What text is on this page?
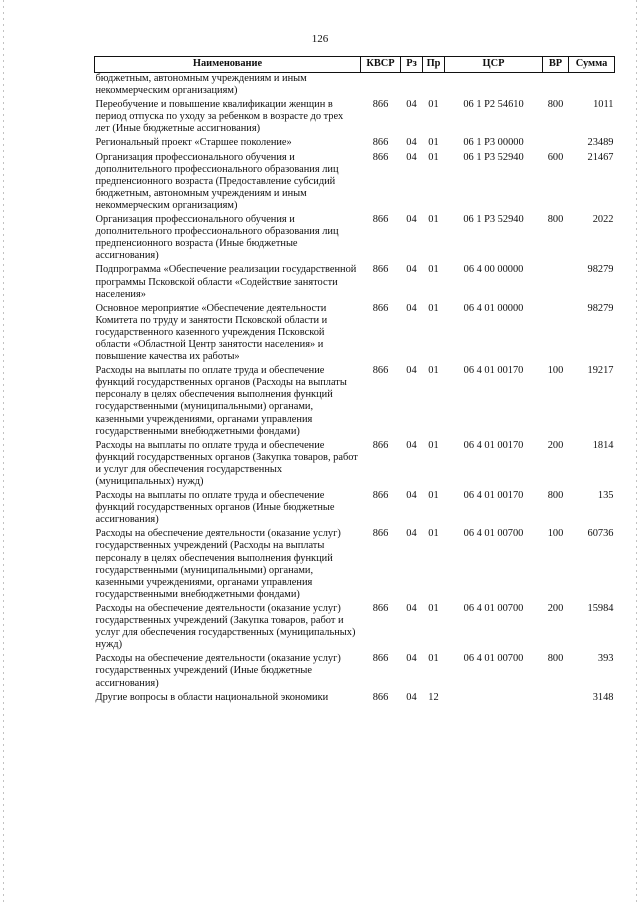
126
Наименование	КВСР	Рз	Пр	ЦСР	ВР	Сумма
бюджетным, автономным учреждениям и иным некоммерческим организациям)						
Переобучение и повышение квалификации женщин в период отпуска по уходу за ребенком в возрасте до трех лет (Иные бюджетные ассигнования)	866	04	01	06 1 P2 54610	800	1011
Региональный проект «Старшее поколение»	866	04	01	06 1 P3 00000		23489
Организация профессионального обучения и дополнительного профессионального образования лиц предпенсионного возраста (Предоставление субсидий бюджетным, автономным учреждениям и иным некоммерческим организациям)	866	04	01	06 1 P3 52940	600	21467
Организация профессионального обучения и дополнительного профессионального образования лиц предпенсионного возраста (Иные бюджетные ассигнования)	866	04	01	06 1 P3 52940	800	2022
Подпрограмма «Обеспечение реализации государственной программы Псковской области «Содействие занятости населения»	866	04	01	06 4 00 00000		98279
Основное мероприятие «Обеспечение деятельности Комитета по труду и занятости Псковской области и государственного казенного учреждения Псковской области «Областной Центр занятости населения» и повышение качества их работы»	866	04	01	06 4 01 00000		98279
Расходы на выплаты по оплате труда и обеспечение функций государственных органов (Расходы на выплаты персоналу в целях обеспечения выполнения функций государственными (муниципальными) органами, казенными учреждениями, органами управления государственными внебюджетными фондами)	866	04	01	06 4 01 00170	100	19217
Расходы на выплаты по оплате труда и обеспечение функций государственных органов (Закупка товаров, работ и услуг для обеспечения государственных (муниципальных) нужд)	866	04	01	06 4 01 00170	200	1814
Расходы на выплаты по оплате труда и обеспечение функций государственных органов (Иные бюджетные ассигнования)	866	04	01	06 4 01 00170	800	135
Расходы на обеспечение деятельности (оказание услуг) государственных учреждений (Расходы на выплаты персоналу в целях обеспечения выполнения функций государственными (муниципальными) органами, казенными учреждениями, органами управления государственными внебюджетными фондами)	866	04	01	06 4 01 00700	100	60736
Расходы на обеспечение деятельности (оказание услуг) государственных учреждений (Закупка товаров, работ и услуг для обеспечения государственных (муниципальных) нужд)	866	04	01	06 4 01 00700	200	15984
Расходы на обеспечение деятельности (оказание услуг) государственных учреждений (Иные бюджетные ассигнования)	866	04	01	06 4 01 00700	800	393
Другие вопросы в области национальной экономики	866	04	12			3148
